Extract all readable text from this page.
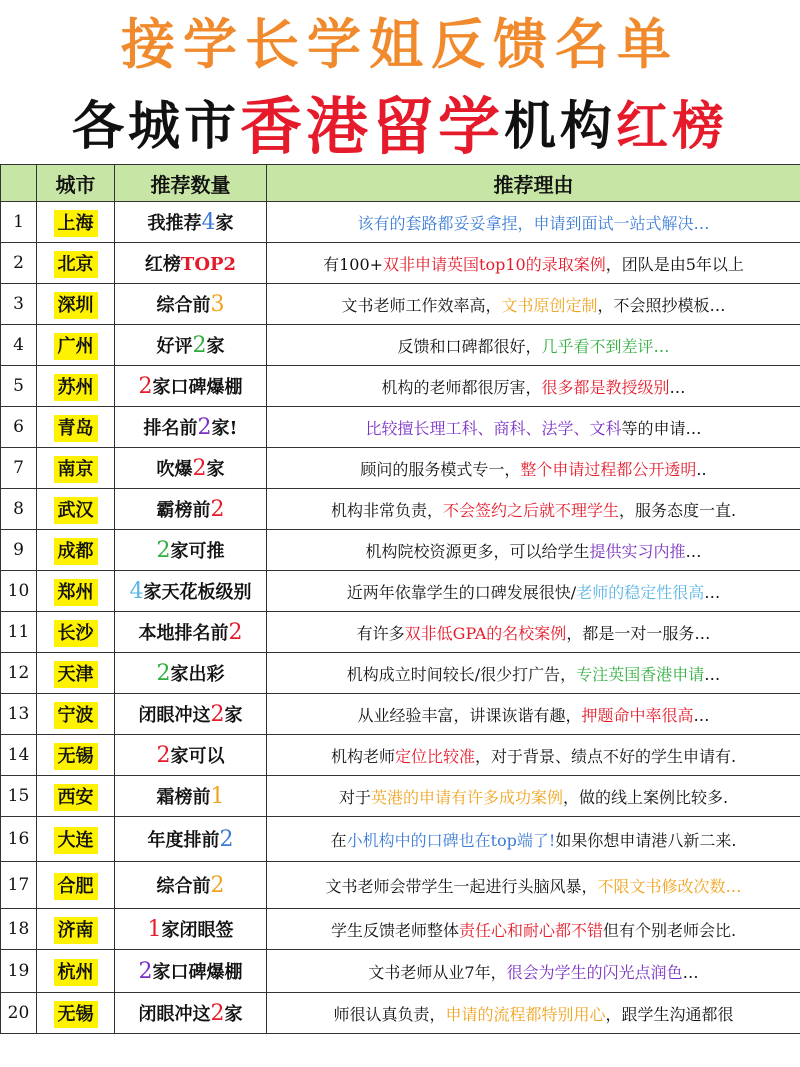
接学长学姐反馈名单
各城市 香港留学 机构 红榜
	城市	推荐数量	推荐理由
1	上海	我推荐4家	该有的套路都妥妥拿捏，申请到面试一站式解决…
2	北京	红榜TOP2	有100+双非申请英国top10的录取案例，团队是由5年以上
3	深圳	综合前3	文书老师工作效率高，文书原创定制，不会照抄模板…
4	广州	好评2家	反馈和口碑都很好，几乎看不到差评…
5	苏州	2家口碑爆棚	机构的老师都很厉害，很多都是教授级别…
6	青岛	排名前2家!	比较擅长理工科、商科、法学、文科等的申请…
7	南京	吹爆2家	顾问的服务模式专一，整个申请过程都公开透明..
8	武汉	霸榜前2	机构非常负责，不会签约之后就不理学生，服务态度一直.
9	成都	2家可推	机构院校资源更多，可以给学生提供实习内推…
10	郑州	4家天花板级别	近两年依靠学生的口碑发展很快/老师的稳定性很高…
11	长沙	本地排名前2	有许多双非低GPA的名校案例，都是一对一服务…
12	天津	2家出彩	机构成立时间较长/很少打广告，专注英国香港申请…
13	宁波	闭眼冲这2家	从业经验丰富，讲课诙谐有趣，押题命中率很高…
14	无锡	2家可以	机构老师定位比较准，对于背景、绩点不好的学生申请有.
15	西安	霜榜前1	对于英港的申请有许多成功案例，做的线上案例比较多.
16	大连	年度排前2	在小机构中的口碑也在top端了!如果你想申请港八新二来.
17	合肥	综合前2	文书老师会带学生一起进行头脑风暴，不限文书修改次数…
18	济南	1家闭眼签	学生反馈老师整体责任心和耐心都不错但有个别老师会比.
19	杭州	2家口碑爆棚	文书老师从业7年，很会为学生的闪光点润色…
20	无锡	闭眼冲这2家	师很认真负责，申请的流程都特别用心，跟学生沟通都很
